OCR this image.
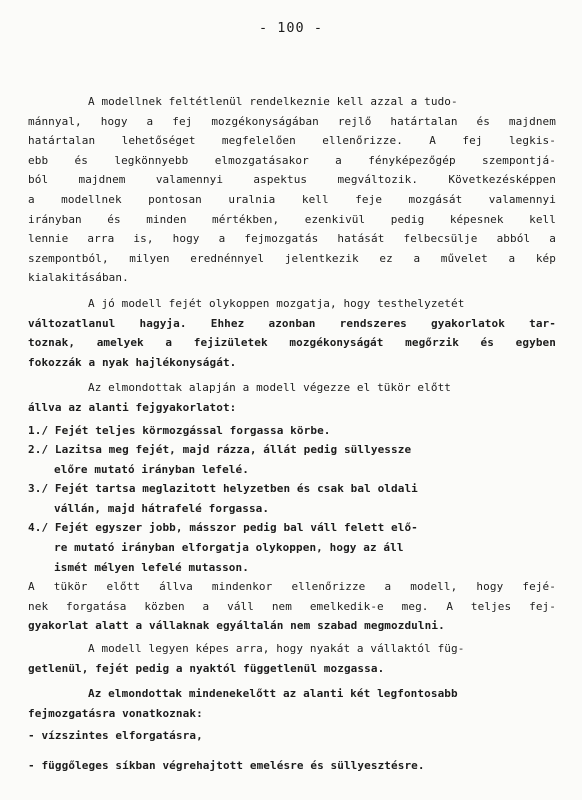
- 100 -
A modellnek feltétlenül rendelkeznie kell azzal a tudo-
mánnyal, hogy a fej mozgékonyságában rejlő határtalan és majdnem
határtalan lehetőséget megfelelően ellenőrizze. A fej legkis-
ebb és legkönnyebb elmozgatásakor a fényképezőgép szempontjá-
ból majdnem valamennyi aspektus megváltozik. Következésképpen
a modellnek pontosan uralnia kell feje mozgását valamennyi
irányban és minden mértékben, ezenkivül pedig képesnek kell
lennie arra is, hogy a fejmozgatás hatását felbecsülje abból a
szempontból, milyen erednénnyel jelentkezik ez a művelet a kép
kialakitásában.
A jó modell fejét olykoppen mozgatja, hogy testhelyzetét
változatlanul hagyja. Ehhez azonban rendszeres gyakorlatok tar-
toznak, amelyek a fejizületek mozgékonyságát megőrzik és egyben
fokozzák a nyak hajlékonyságát.
Az elmondottak alapján a modell végezze el tükör előtt
állva az alanti fejgyakorlatot:
1./ Fejét teljes körmozgással forgassa körbe.
2./ Lazitsa meg fejét, majd rázza, állát pedig süllyessze
előre mutató irányban lefelé.
3./ Fejét tartsa meglazitott helyzetben és csak bal oldali
vállán, majd hátrafelé forgassa.
4./ Fejét egyszer jobb, másszor pedig bal váll felett elő-
re mutató irányban elforgatja olykoppen, hogy az áll
ismét mélyen lefelé mutasson.
A tükör előtt állva mindenkor ellenőrizze a modell, hogy fejé-
nek forgatása közben a váll nem emelkedik-e meg. A teljes fej-
gyakorlat alatt a vállaknak egyáltalán nem szabad megmozdulni.
A modell legyen képes arra, hogy nyakát a vállaktól füg-
getlenül, fejét pedig a nyaktól függetlenül mozgassa.
Az elmondottak mindenekelőtt az alanti két legfontosabb
fejmozgatásra vonatkoznak:
- vízszintes elforgatásra,
- függőleges síkban végrehajtott emelésre és süllyesztésre.
